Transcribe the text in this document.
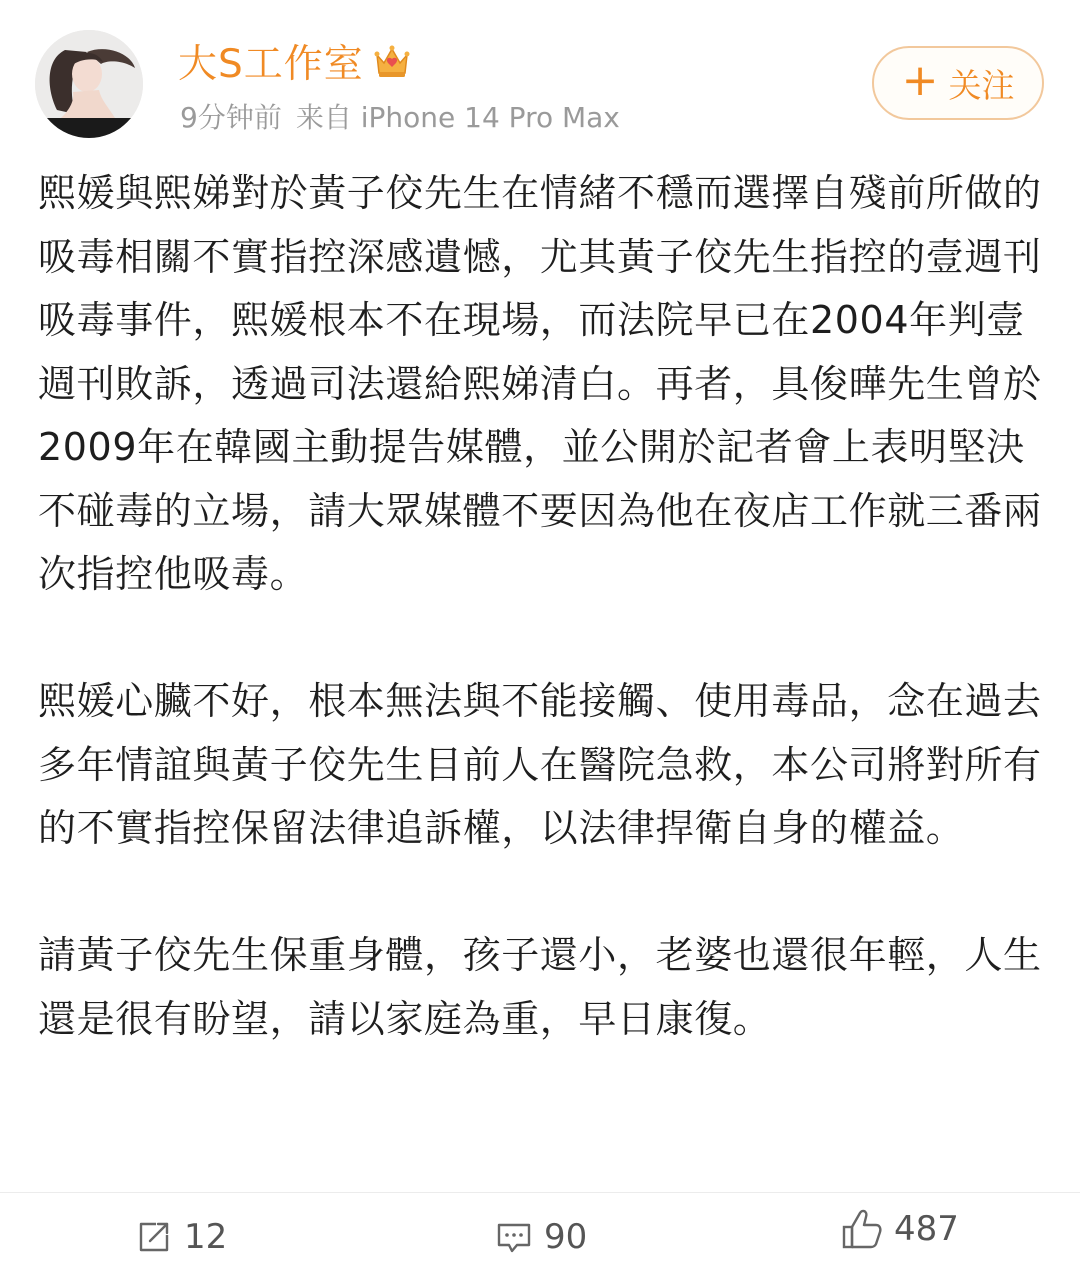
大S工作室
9分钟前 来自 iPhone 14 Pro Max
+ 关注

熙媛與熙娣對於黃子佼先生在情緒不穩而選擇自殘前所做的吸毒相關不實指控深感遺憾，尤其黃子佼先生指控的壹週刊吸毒事件，熙媛根本不在現場，而法院早已在2004年判壹週刊敗訴，透過司法還給熙娣清白。再者，具俊曄先生曾於2009年在韓國主動提告媒體，並公開於記者會上表明堅決不碰毒的立場，請大眾媒體不要因為他在夜店工作就三番兩次指控他吸毒。

熙媛心臟不好，根本無法與不能接觸、使用毒品，念在過去多年情誼與黃子佼先生目前人在醫院急救，本公司將對所有的不實指控保留法律追訴權，以法律捍衛自身的權益。

請黃子佼先生保重身體，孩子還小，老婆也還很年輕，人生還是很有盼望，請以家庭為重，早日康復。

12	90	487
